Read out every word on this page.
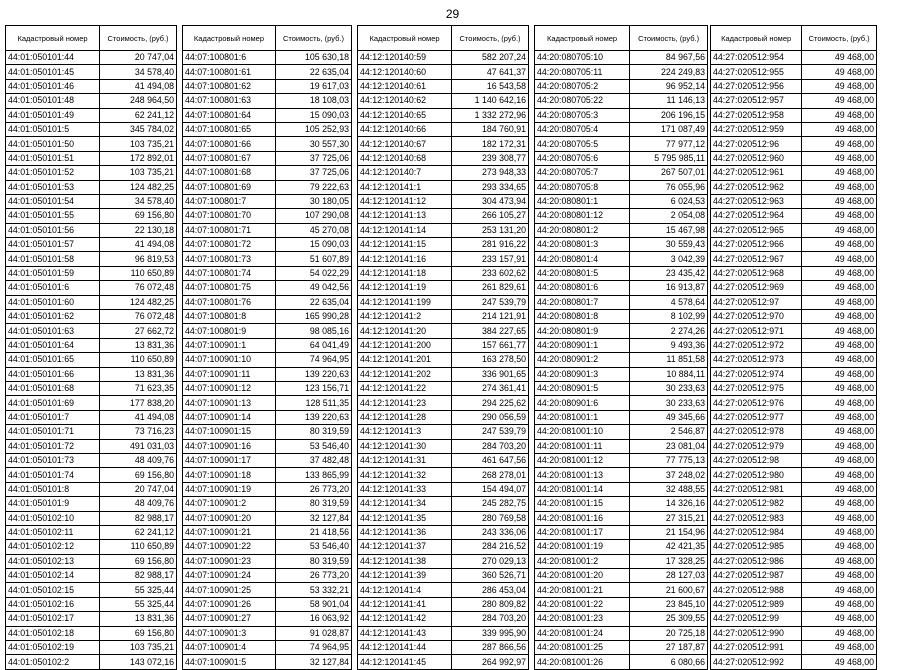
29
Кадастровый номер	Стоимость, (руб.)
44:01:050101:44	20 747,04
44:01:050101:45	34 578,40
44:01:050101:46	41 494,08
44:01:050101:48	248 964,50
44:01:050101:49	62 241,12
44:01:050101:5	345 784,02
44:01:050101:50	103 735,21
44:01:050101:51	172 892,01
44:01:050101:52	103 735,21
44:01:050101:53	124 482,25
44:01:050101:54	34 578,40
44:01:050101:55	69 156,80
44:01:050101:56	22 130,18
44:01:050101:57	41 494,08
44:01:050101:58	96 819,53
44:01:050101:59	110 650,89
44:01:050101:6	76 072,48
44:01:050101:60	124 482,25
44:01:050101:62	76 072,48
44:01:050101:63	27 662,72
44:01:050101:64	13 831,36
44:01:050101:65	110 650,89
44:01:050101:66	13 831,36
44:01:050101:68	71 623,35
44:01:050101:69	177 838,20
44:01:050101:7	41 494,08
44:01:050101:71	73 716,23
44:01:050101:72	491 031,03
44:01:050101:73	48 409,76
44:01:050101:74	69 156,80
44:01:050101:8	20 747,04
44:01:050101:9	48 409,76
44:01:050102:10	82 988,17
44:01:050102:11	62 241,12
44:01:050102:12	110 650,89
44:01:050102:13	69 156,80
44:01:050102:14	82 988,17
44:01:050102:15	55 325,44
44:01:050102:16	55 325,44
44:01:050102:17	13 831,36
44:01:050102:18	69 156,80
44:01:050102:19	103 735,21
44:01:050102:2	143 072,16
Кадастровый номер	Стоимость, (руб.)
44:07:100801:6	105 630,18
44:07:100801:61	22 635,04
44:07:100801:62	19 617,03
44:07:100801:63	18 108,03
44:07:100801:64	15 090,03
44:07:100801:65	105 252,93
44:07:100801:66	30 557,30
44:07:100801:67	37 725,06
44:07:100801:68	37 725,06
44:07:100801:69	79 222,63
44:07:100801:7	30 180,05
44:07:100801:70	107 290,08
44:07:100801:71	45 270,08
44:07:100801:72	15 090,03
44:07:100801:73	51 607,89
44:07:100801:74	54 022,29
44:07:100801:75	49 042,56
44:07:100801:76	22 635,04
44:07:100801:8	165 990,28
44:07:100801:9	98 085,16
44:07:100901:1	64 041,49
44:07:100901:10	74 964,95
44:07:100901:11	139 220,63
44:07:100901:12	123 156,71
44:07:100901:13	128 511,35
44:07:100901:14	139 220,63
44:07:100901:15	80 319,59
44:07:100901:16	53 546,40
44:07:100901:17	37 482,48
44:07:100901:18	133 865,99
44:07:100901:19	26 773,20
44:07:100901:2	80 319,59
44:07:100901:20	32 127,84
44:07:100901:21	21 418,56
44:07:100901:22	53 546,40
44:07:100901:23	80 319,59
44:07:100901:24	26 773,20
44:07:100901:25	53 332,21
44:07:100901:26	58 901,04
44:07:100901:27	16 063,92
44:07:100901:3	91 028,87
44:07:100901:4	74 964,95
44:07:100901:5	32 127,84
Кадастровый номер	Стоимость, (руб.)
44:12:120140:59	582 207,24
44:12:120140:60	47 641,37
44:12:120140:61	16 543,58
44:12:120140:62	1 140 642,16
44:12:120140:65	1 332 272,96
44:12:120140:66	184 760,91
44:12:120140:67	182 172,31
44:12:120140:68	239 308,77
44:12:120140:7	273 948,33
44:12:120141:1	293 334,65
44:12:120141:12	304 473,94
44:12:120141:13	266 105,27
44:12:120141:14	253 131,20
44:12:120141:15	281 916,22
44:12:120141:16	233 157,91
44:12:120141:18	233 602,62
44:12:120141:19	261 829,61
44:12:120141:199	247 539,79
44:12:120141:2	214 121,91
44:12:120141:20	384 227,65
44:12:120141:200	157 661,77
44:12:120141:201	163 278,50
44:12:120141:202	336 901,65
44:12:120141:22	274 361,41
44:12:120141:23	294 225,62
44:12:120141:28	290 056,59
44:12:120141:3	247 539,79
44:12:120141:30	284 703,20
44:12:120141:31	461 647,56
44:12:120141:32	268 278,01
44:12:120141:33	154 494,07
44:12:120141:34	245 282,75
44:12:120141:35	280 769,58
44:12:120141:36	243 336,06
44:12:120141:37	284 216,52
44:12:120141:38	270 029,13
44:12:120141:39	360 526,71
44:12:120141:4	286 453,04
44:12:120141:41	280 809,82
44:12:120141:42	284 703,20
44:12:120141:43	339 995,90
44:12:120141:44	287 866,56
44:12:120141:45	264 992,97
Кадастровый номер	Стоимость, (руб.)
44:20:080705:10	84 967,56
44:20:080705:11	224 249,83
44:20:080705:2	96 952,14
44:20:080705:22	11 146,13
44:20:080705:3	206 196,15
44:20:080705:4	171 087,49
44:20:080705:5	77 977,12
44:20:080705:6	5 795 985,11
44:20:080705:7	267 507,01
44:20:080705:8	76 055,96
44:20:080801:1	6 024,53
44:20:080801:12	2 054,08
44:20:080801:2	15 467,98
44:20:080801:3	30 559,43
44:20:080801:4	3 042,39
44:20:080801:5	23 435,42
44:20:080801:6	16 913,87
44:20:080801:7	4 578,64
44:20:080801:8	8 102,99
44:20:080801:9	2 274,26
44:20:080901:1	9 493,36
44:20:080901:2	11 851,58
44:20:080901:3	10 884,11
44:20:080901:5	30 233,63
44:20:080901:6	30 233,63
44:20:081001:1	49 345,66
44:20:081001:10	2 546,87
44:20:081001:11	23 081,04
44:20:081001:12	77 775,13
44:20:081001:13	37 248,02
44:20:081001:14	32 488,55
44:20:081001:15	14 326,16
44:20:081001:16	27 315,21
44:20:081001:17	21 154,96
44:20:081001:19	42 421,35
44:20:081001:2	17 328,25
44:20:081001:20	28 127,03
44:20:081001:21	21 600,67
44:20:081001:22	23 845,10
44:20:081001:23	25 309,55
44:20:081001:24	20 725,18
44:20:081001:25	27 187,87
44:20:081001:26	6 080,66
Кадастровый номер	Стоимость, (руб.)
44:27:020512:954	49 468,00
44:27:020512:955	49 468,00
44:27:020512:956	49 468,00
44:27:020512:957	49 468,00
44:27:020512:958	49 468,00
44:27:020512:959	49 468,00
44:27:020512:96	49 468,00
44:27:020512:960	49 468,00
44:27:020512:961	49 468,00
44:27:020512:962	49 468,00
44:27:020512:963	49 468,00
44:27:020512:964	49 468,00
44:27:020512:965	49 468,00
44:27:020512:966	49 468,00
44:27:020512:967	49 468,00
44:27:020512:968	49 468,00
44:27:020512:969	49 468,00
44:27:020512:97	49 468,00
44:27:020512:970	49 468,00
44:27:020512:971	49 468,00
44:27:020512:972	49 468,00
44:27:020512:973	49 468,00
44:27:020512:974	49 468,00
44:27:020512:975	49 468,00
44:27:020512:976	49 468,00
44:27:020512:977	49 468,00
44:27:020512:978	49 468,00
44:27:020512:979	49 468,00
44:27:020512:98	49 468,00
44:27:020512:980	49 468,00
44:27:020512:981	49 468,00
44:27:020512:982	49 468,00
44:27:020512:983	49 468,00
44:27:020512:984	49 468,00
44:27:020512:985	49 468,00
44:27:020512:986	49 468,00
44:27:020512:987	49 468,00
44:27:020512:988	49 468,00
44:27:020512:989	49 468,00
44:27:020512:99	49 468,00
44:27:020512:990	49 468,00
44:27:020512:991	49 468,00
44:27:020512:992	49 468,00
